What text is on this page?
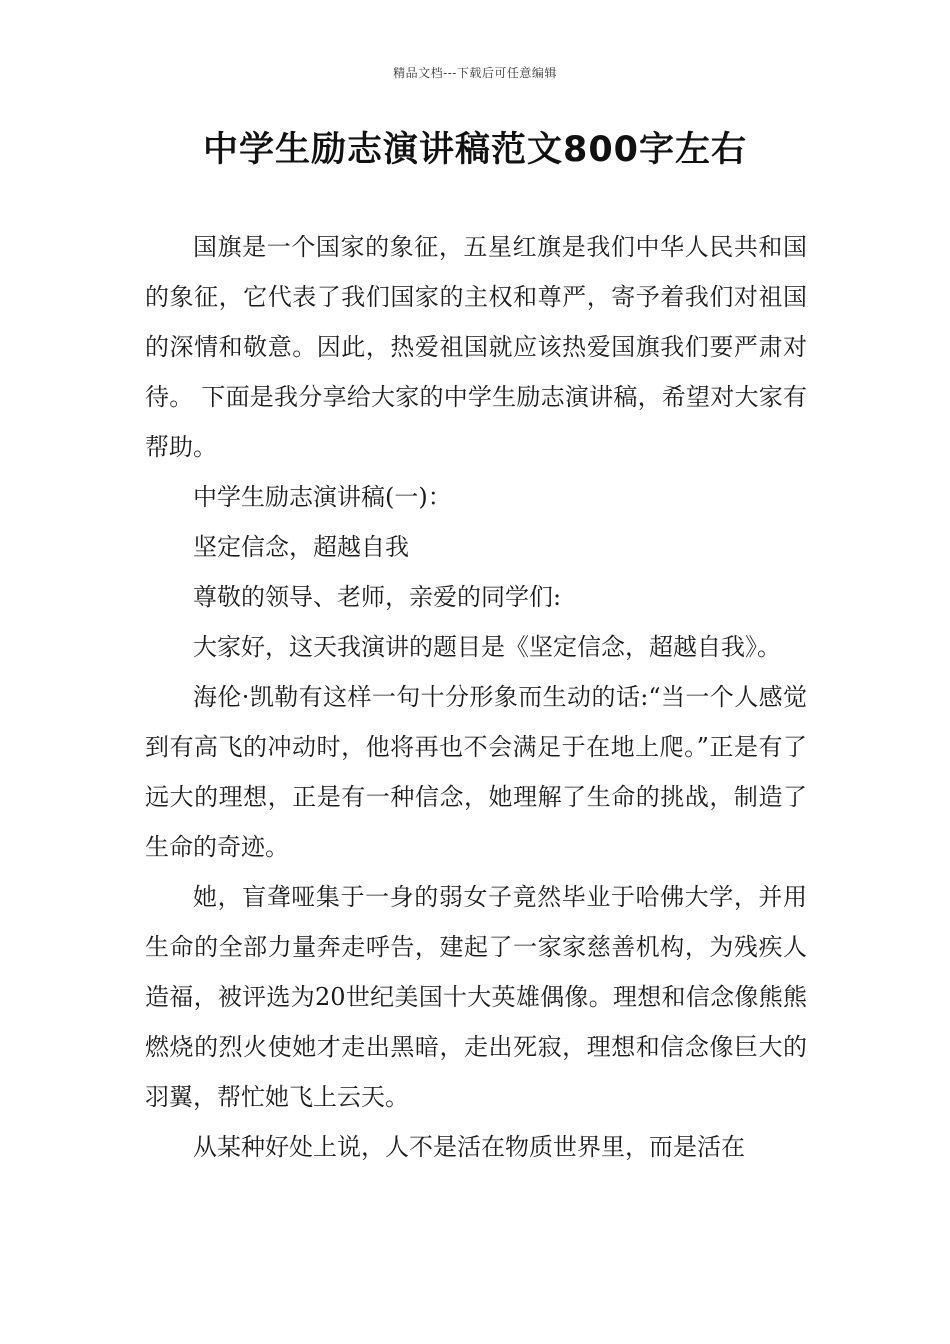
精品文档---下载后可任意编辑
中学生励志演讲稿范文800字左右

国旗是一个国家的象征，五星红旗是我们中华人民共和国的象征，它代表了我们国家的主权和尊严，寄予着我们对祖国的深情和敬意。因此，热爱祖国就应该热爱国旗我们要严肃对待。 下面是我分享给大家的中学生励志演讲稿，希望对大家有帮助。

中学生励志演讲稿(一)：

坚定信念，超越自我

尊敬的领导、老师，亲爱的同学们:

大家好，这天我演讲的题目是《坚定信念，超越自我》。

海伦·凯勒有这样一句十分形象而生动的话:“当一个人感觉到有高飞的冲动时，他将再也不会满足于在地上爬。”正是有了远大的理想，正是有一种信念，她理解了生命的挑战，制造了生命的奇迹。

她，盲聋哑集于一身的弱女子竟然毕业于哈佛大学，并用生命的全部力量奔走呼告，建起了一家家慈善机构，为残疾人造福，被评选为20世纪美国十大英雄偶像。理想和信念像熊熊燃烧的烈火使她才走出黑暗，走出死寂，理想和信念像巨大的羽翼，帮忙她飞上云天。

从某种好处上说，人不是活在物质世界里，而是活在
